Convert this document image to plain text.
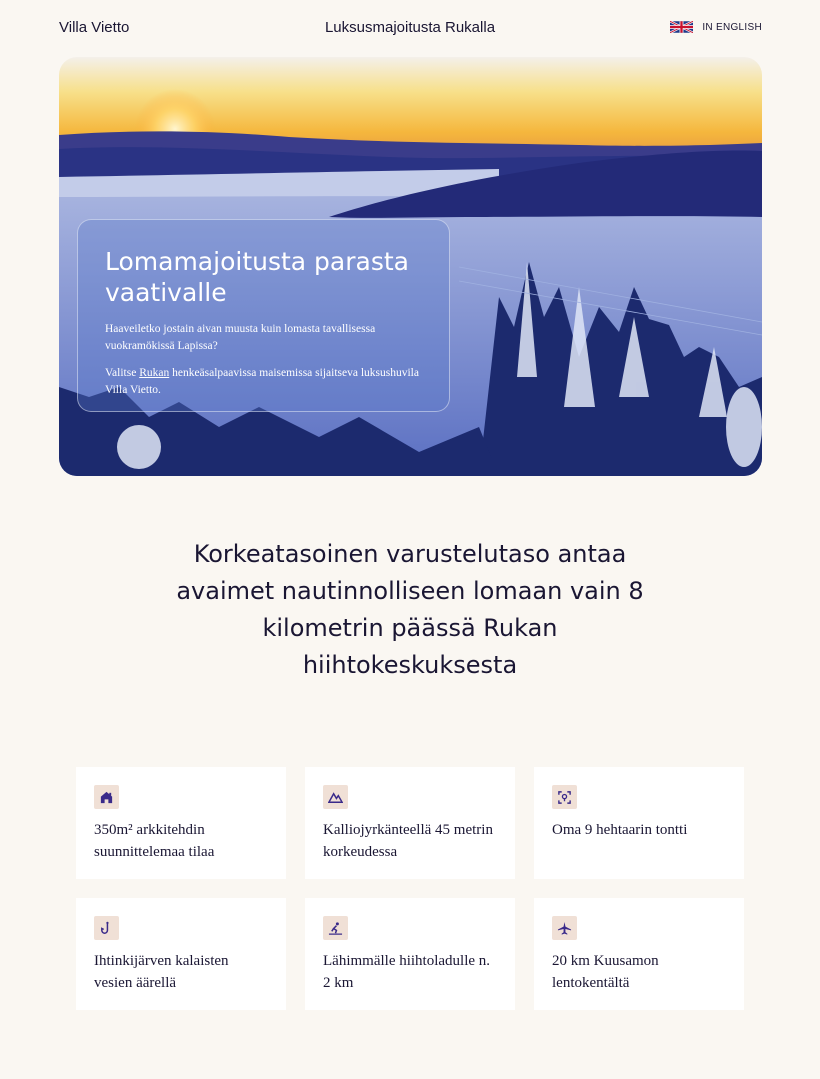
Villa Vietto	Luksusmajoitusta Rukalla	IN ENGLISH
Lomamajoitusta parasta vaativalle

Haaveiletko jostain aivan muusta kuin lomasta tavallisessa vuokramökissä Lapissa?

Valitse Rukan henkeäsalpaavissa maisemissa sijaitseva luksushuvila Villa Vietto.

Korkeatasoinen varustelutaso antaa avaimet nautinnolliseen lomaan vain 8 kilometrin päässä Rukan hiihtokeskuksesta
350m² arkkitehdin suunnittelemaa tilaa
Kalliojyrkänteellä 45 metrin korkeudessa
Oma 9 hehtaarin tontti
Ihtinkijärven kalaisten vesien äärellä
Lähimmälle hiihtoladulle n. 2 km
20 km Kuusamon lentokentältä
